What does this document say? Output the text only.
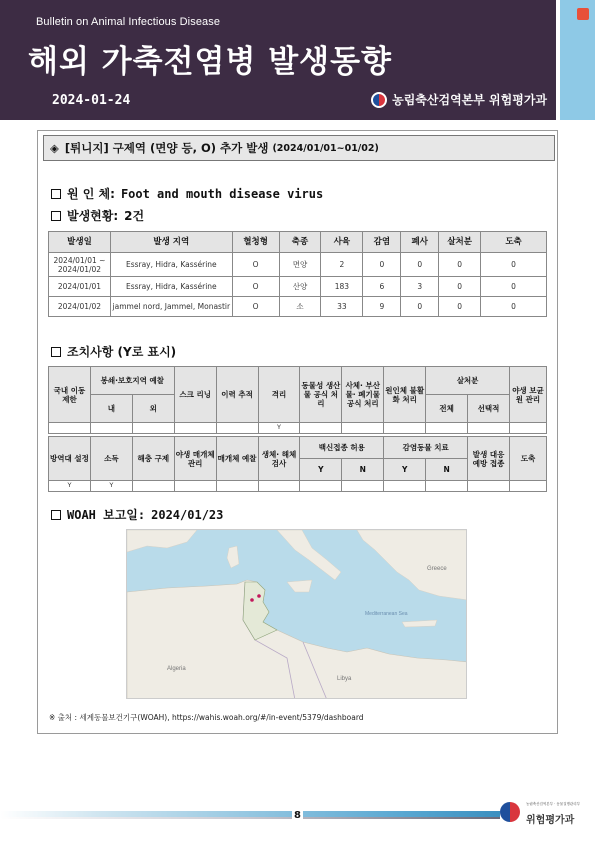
Bulletin on Animal Infectious Disease
해외 가축전염병 발생동향
2024-01-24	농림축산검역본부 위험평가과
◈ [튀니지] 구제역 (면양 등, O) 추가 발생 (2024/01/01~01/02)
원 인 체: Foot and mouth disease virus
발생현황: 2건
발생일	발생 지역	혈청형	축종	사육	감염	폐사	살처분	도축
2024/01/01 ~ 2024/01/02	Essray, Hidra, Kassérine	O	면양	2	0	0	0	0
2024/01/01	Essray, Hidra, Kassérine	O	산양	183	6	3	0	0
2024/01/02	jammel nord, Jammel, Monastir	O	소	33	9	0	0	0
조치사항 (Y로 표시)
국내 이동 제한	봉쇄·보호지역 예찰		스크 리닝	이력 추적	격리	동물성 생산물 공식 처리	사체· 부산물· 폐기물 공식 처리	원인체 불활화 처리	살처분		야생 보균원 관리
	내	외							전체	선택적	
					Y						
방역대 설정	소독	해충 구제	야생 매개체 관리	매개체 예찰	생체· 해체 검사	백신접종 허용		감염동물 치료		발생 대응 예방 접종	도축
						Y	N	Y	N		
Y	Y										
WOAH 보고일: 2024/01/23
Mediterranean Sea
Algeria
Libya
Greece
※ 출처 : 세계동물보건기구(WOAH), https://wahis.woah.org/#/in-event/5379/dashboard
8
농림축산검역본부 · 동물질병관리부
위험평가과
